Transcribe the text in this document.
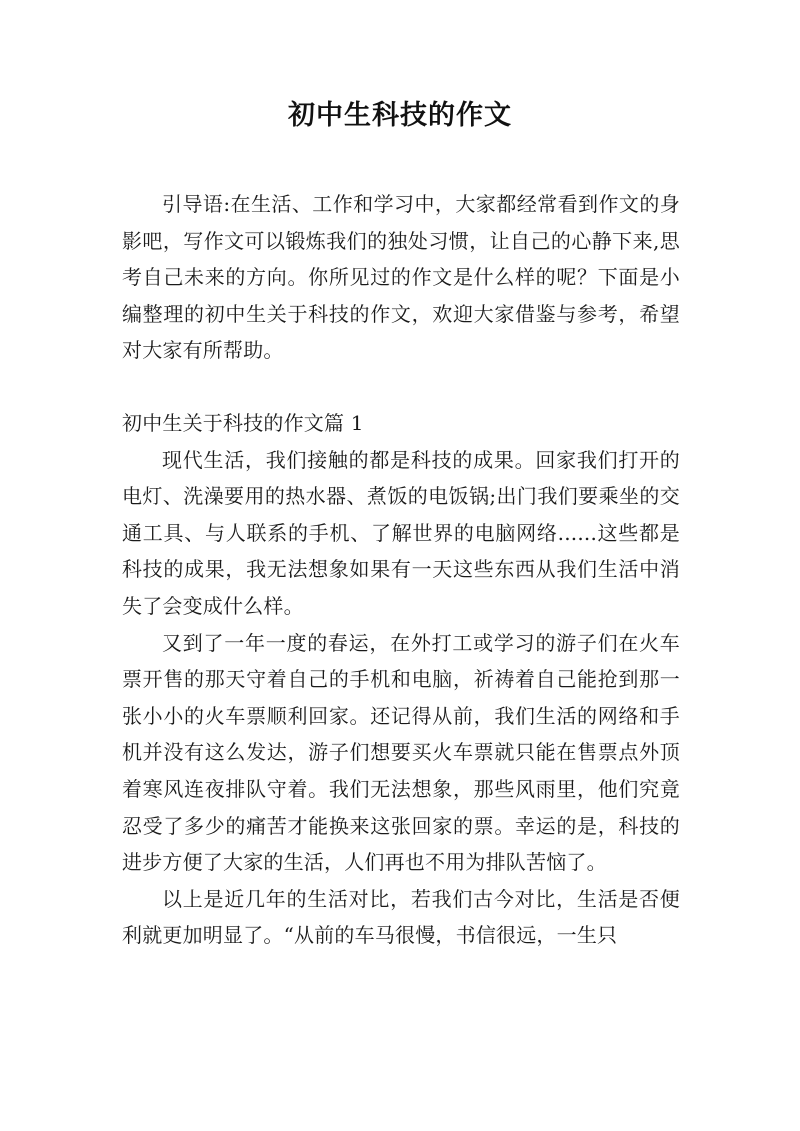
初中生科技的作文

引导语:在生活、工作和学习中，大家都经常看到作文的身影吧，写作文可以锻炼我们的独处习惯，让自己的心静下来,思考自己未来的方向。你所见过的作文是什么样的呢？下面是小编整理的初中生关于科技的作文，欢迎大家借鉴与参考，希望对大家有所帮助。

初中生关于科技的作文篇 1

现代生活，我们接触的都是科技的成果。回家我们打开的电灯、洗澡要用的热水器、煮饭的电饭锅;出门我们要乘坐的交通工具、与人联系的手机、了解世界的电脑网络......这些都是科技的成果，我无法想象如果有一天这些东西从我们生活中消失了会变成什么样。

又到了一年一度的春运，在外打工或学习的游子们在火车票开售的那天守着自己的手机和电脑，祈祷着自己能抢到那一张小小的火车票顺利回家。还记得从前，我们生活的网络和手机并没有这么发达，游子们想要买火车票就只能在售票点外顶着寒风连夜排队守着。我们无法想象，那些风雨里，他们究竟忍受了多少的痛苦才能换来这张回家的票。幸运的是，科技的进步方便了大家的生活，人们再也不用为排队苦恼了。

以上是近几年的生活对比，若我们古今对比，生活是否便利就更加明显了。“从前的车马很慢，书信很远，一生只
